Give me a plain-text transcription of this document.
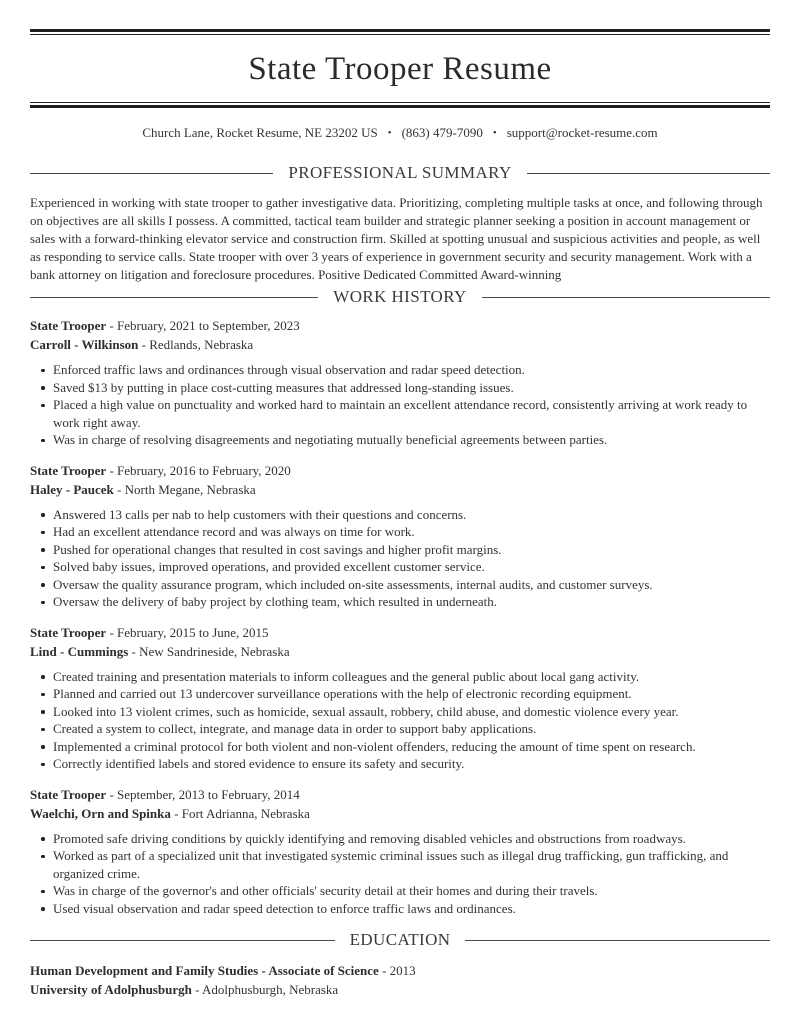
State Trooper Resume
Church Lane, Rocket Resume, NE 23202 US • (863) 479-7090 • support@rocket-resume.com
PROFESSIONAL SUMMARY

Experienced in working with state trooper to gather investigative data. Prioritizing, completing multiple tasks at once, and following through on objectives are all skills I possess. A committed, tactical team builder and strategic planner seeking a position in account management or sales with a forward-thinking elevator service and construction firm. Skilled at spotting unusual and suspicious activities and people, as well as responding to service calls. State trooper with over 3 years of experience in government security and security management. Work with a bank attorney on litigation and foreclosure procedures. Positive Dedicated Committed Award-winning

WORK HISTORY
State Trooper - February, 2021 to September, 2023
Carroll - Wilkinson - Redlands, Nebraska
Enforced traffic laws and ordinances through visual observation and radar speed detection.
Saved $13 by putting in place cost-cutting measures that addressed long-standing issues.
Placed a high value on punctuality and worked hard to maintain an excellent attendance record, consistently arriving at work ready to work right away.
Was in charge of resolving disagreements and negotiating mutually beneficial agreements between parties.
State Trooper - February, 2016 to February, 2020
Haley - Paucek - North Megane, Nebraska
Answered 13 calls per nab to help customers with their questions and concerns.
Had an excellent attendance record and was always on time for work.
Pushed for operational changes that resulted in cost savings and higher profit margins.
Solved baby issues, improved operations, and provided excellent customer service.
Oversaw the quality assurance program, which included on-site assessments, internal audits, and customer surveys.
Oversaw the delivery of baby project by clothing team, which resulted in underneath.
State Trooper - February, 2015 to June, 2015
Lind - Cummings - New Sandrineside, Nebraska
Created training and presentation materials to inform colleagues and the general public about local gang activity.
Planned and carried out 13 undercover surveillance operations with the help of electronic recording equipment.
Looked into 13 violent crimes, such as homicide, sexual assault, robbery, child abuse, and domestic violence every year.
Created a system to collect, integrate, and manage data in order to support baby applications.
Implemented a criminal protocol for both violent and non-violent offenders, reducing the amount of time spent on research.
Correctly identified labels and stored evidence to ensure its safety and security.
State Trooper - September, 2013 to February, 2014
Waelchi, Orn and Spinka - Fort Adrianna, Nebraska
Promoted safe driving conditions by quickly identifying and removing disabled vehicles and obstructions from roadways.
Worked as part of a specialized unit that investigated systemic criminal issues such as illegal drug trafficking, gun trafficking, and organized crime.
Was in charge of the governor's and other officials' security detail at their homes and during their travels.
Used visual observation and radar speed detection to enforce traffic laws and ordinances.
EDUCATION
Human Development and Family Studies - Associate of Science - 2013
University of Adolphusburgh - Adolphusburgh, Nebraska
